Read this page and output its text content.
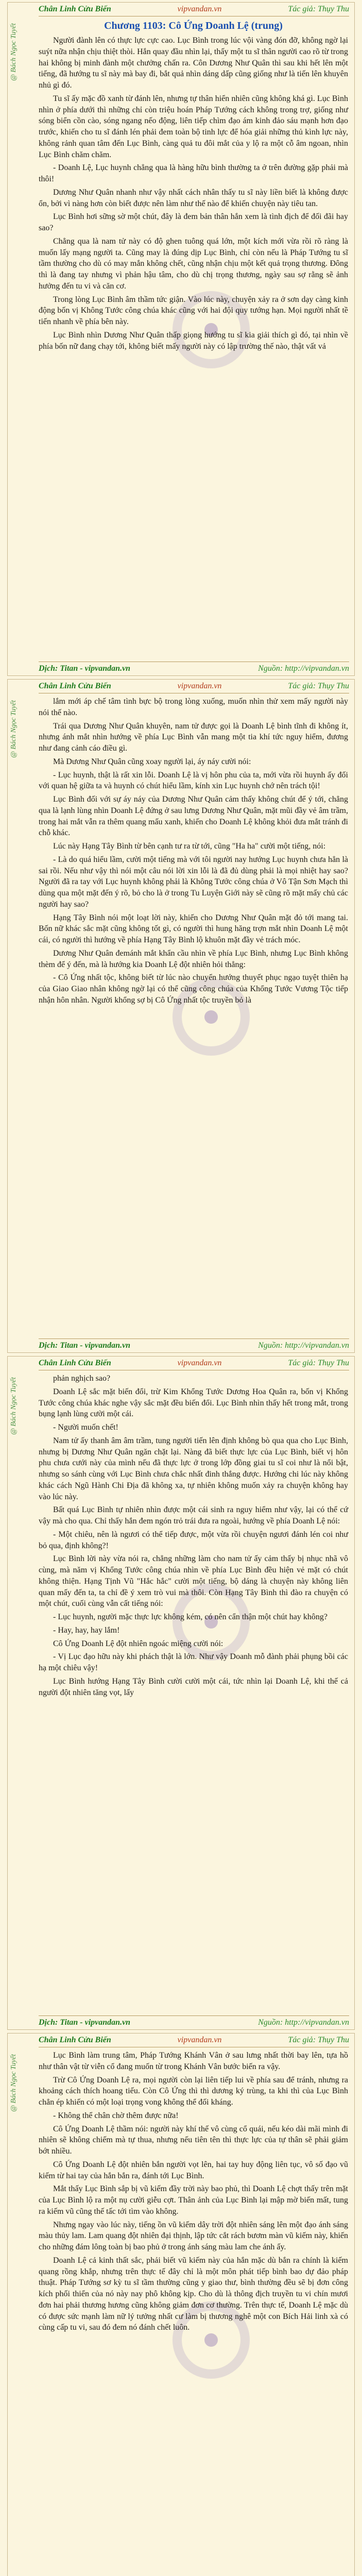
Chân Linh Cửu Biến	vipvandan.vn	Tác giả: Thụy Thu
@ Bách Ngọc Tuyết	Chương 1103: Cô Ứng Doanh Lệ (trung)

Người đành lên có thực lực cực cao. Lục Bình trong lúc vội vàng đón đỡ, không ngờ lại suýt nữa nhận chịu thiệt thòi. Hắn quay đầu nhìn lại, thấy một tu sĩ thân người cao rõ từ trong hai không bị minh đành một chưởng chấn ra. Côn Dương Như Quân thì sau khi hết lên một tiếng, đã hướng tu sĩ này mà bay đi, bắt quả nhìn dáng dấp cũng giống như là tiến lên khuyên nhủ gì đó.

Tu sĩ ấy mặc đồ xanh từ đánh lên, nhưng tự thân hiển nhiên cũng không khá gì. Lục Bình nhìn ở phía dưới thì những chỉ còn triệu hoán Pháp Tướng cách không trong trợ, giống như sóng biển cồn cào, sóng ngang nếo động, liên tiếp chìm đạo ám kinh đảo sáu mạnh hơn đạo trước, khiến cho tu sĩ đánh lén phải đem toàn bộ tinh lực để hóa giải những thủ kình lực này, không rảnh quan tâm đến Lục Bình, càng quả tu đôi mắt của y lộ ra một cỗ âm ngoan, nhìn Lục Bình chăm chăm.

- Doanh Lệ, Lục huynh chẳng qua là hàng hữu bình thường ta ở trên đường gặp phải mà thôi!

Dương Như Quân nhanh như vậy nhất cách nhân thấy tu sĩ này liền biết là không được ổn, bởi vì nàng hơn còn biết được nên làm như thế nào để khiến chuyện này tiêu tan.

Lục Bình hơi sững sờ một chút, đây là đem bản thân hắn xem là tình địch để đối đãi hay sao?

Chẳng qua là nam tử này có độ ghen tuông quá lớn, một kích mới vừa rồi rõ ràng là muốn lấy mạng người ta. Cũng may là đúng dịp Lục Bình, chỉ còn nếu là Pháp Tướng tu sĩ tầm thường cho dù có may mắn không chết, cũng nhận chịu một kết quả trọng thương. Đông thì là đang tay nhưng vì phản hậu tâm, cho dù chị trọng thương, ngày sau sợ rằng sẽ ảnh hưởng đến tu vi và căn cơ.

Trong lòng Lục Bình âm thầm tức giận. Vào lúc này, chuyện xảy ra ở sơn dạy càng kinh động bốn vị Không Tước công chúa khác cũng với hai đội quy tướng hạn. Mọi người nhất tề tiến nhanh về phía bên này.

Lục Bình nhìn Dương Như Quân thấp giọng hướng tu sĩ kia giải thích gì đó, tại nhìn về phía bốn nữ đang chạy tới, không biết mấy người này có lập trường thế nào, thật vất vả

Dịch: Titan - vipvandan.vn	Nguồn: http://vipvandan.vn
Chân Linh Cửu Biến	vipvandan.vn	Tác giả: Thụy Thu
@ Bách Ngọc Tuyết	lắm mới áp chế tâm tình bực bộ trong lòng xuống, muốn nhìn thử xem mấy người này nói thế nào.

Trái qua Dương Như Quân khuyên, nam tử được gọi là Doanh Lệ bình tĩnh đi không ít, nhưng ánh mắt nhìn hướng về phía Lục Bình vẫn mang một tia khí tức nguy hiểm, đương như đang cảnh cáo điều gì.

Mà Dương Như Quân cũng xoay người lại, áy náy cười nói:

- Lục huynh, thật là rất xin lỗi. Doanh Lệ là vị hôn phu của ta, mới vừa rồi huynh ấy đối với quan hệ giữa ta và huynh có chút hiểu lầm, kính xin Lục huynh chớ nên trách tội!

Lục Bình đối với sự áy náy của Dương Như Quân cảm thấy không chút để ý tới, chẳng qua là lạnh lùng nhìn Doanh Lệ đứng ở sau lưng Dương Như Quân, mặt mũi đầy vẻ âm trầm, trong hai mắt vẫn ra thêm quang mấu xanh, khiến cho Doanh Lệ không khỏi đưa mắt tránh đi chỗ khác.

Lúc này Hạng Tây Bình từ bên cạnh tư ra từ tới, cũng "Ha ha" cười một tiếng, nói:

- Là do quá hiểu lầm, cười một tiếng mà với tôi người nay hướng Lục huynh chưa hẳn là sai rồi. Nếu như vậy thì nói một câu nói lời xin lỗi là đã đủ dùng phải là mọi nhiệt hay sao? Người đã ra tay với Lục huynh không phải là Không Tước công chúa ở Vô Tận Sơn Mạch thì dùng qua một mặt đến ý rõ, bỏ cho là ở trong Tu Luyện Giới này sẽ cũng rõ mặt mấy chủ các người hay sao?

Hạng Tây Bình nói một loạt lời này, khiến cho Dương Như Quân mặt đỏ tới mang tai. Bốn nữ khác sắc mặt cũng không tốt gì, có người thì hung hăng trợn mắt nhìn Doanh Lệ một cái, có người thì hướng về phía Hạng Tây Bình lộ khuôn mặt đầy vẻ trách móc.

Dương Như Quân đemánh mắt khẩn cầu nhìn về phía Lục Bình, nhưng Lục Bình không thèm để ý đến, mà là hướng kia Doanh Lệ đột nhiên hỏi thẳng:

- Cô Ứng nhất tộc, không biết từ lúc nào chuyển hướng thuyết phục ngạo tuyệt thiên hạ của Giao Giao nhân không ngờ lại có thể cũng công chúa của Khổng Tước Vương Tộc tiếp nhận hôn nhân. Người khổng sợ bị Cô Ứng nhất tộc truyền bỏ là

Dịch: Titan - vipvandan.vn	Nguồn: http://vipvandan.vn
Chân Linh Cửu Biến	vipvandan.vn	Tác giả: Thụy Thu
@ Bách Ngọc Tuyết	phản nghịch sao?

Doanh Lệ sắc mặt biến đổi, trừ Kim Khổng Tước Dương Hoa Quân ra, bốn vị Khổng Tước công chúa khác nghe vậy sắc mặt đều biến đổi. Lục Bình nhìn thấy hết trong mắt, trong bụng lạnh lùng cười một cái.

- Người muốn chết!

Nam tử ấy thanh âm âm trầm, tung người tiến lên định không bò qua qua cho Lục Bình, nhưng bị Dương Như Quân ngăn chặt lại. Nàng đã biết thực lực của Lục Bình, biết vị hôn phu chưa cưới này của mình nếu đã thực lực ở trong lớp đồng giai tu sĩ coi như là nổi bật, nhưng so sánh cùng với Lục Bình chưa chắc nhất đinh thắng được. Hướng chi lúc này không khác cách Ngũ Hành Chi Địa đã không xa, tự nhiên không muốn xảy ra chuyện không hay vào lúc này.

Bất quá Lục Bình tự nhiên nhìn được một cái sinh ra nguy hiểm như vậy, lại có thể cứ vậy mà cho qua. Chỉ thấy hắn đem ngón trỏ trái đưa ra ngoài, hướng về phía Doanh Lệ nói:

- Một chiêu, nên là ngươi có thể tiếp được, một vừa rồi chuyện ngươi đánh lén coi như bỏ qua, định không?!

Lục Bình lời này vừa nói ra, chẳng những làm cho nam tử ấy cảm thấy bị nhục nhã vô cùng, mà năm vị Khổng Tước công chúa nhìn về phía Lục Bình đều hiện vẻ mặt có chút không thiện. Hạng Tịnh Vũ "Hắc hắc" cười một tiếng, bộ dáng là chuyện này không liên quan mấy đến ta, ta chỉ đề ý xem trò vui mà thôi. Còn Hạng Tây Bình thì đào ra chuyện có một chút, cuối cùng vẫn cất tiếng nói:

- Lục huynh, người mặc thực lực không kém, có nên cẩn thận một chút hay không?

- Hay, hay, hay lắm!

Cô Ứng Doanh Lệ đột nhiên ngoác miệng cười nói:

- Vị Lục đạo hữu này khi phách thật là lớn. Như vậy Doanh mỗ đành phải phụng bồi các hạ một chiêu vậy!

Lục Bình hướng Hạng Tây Bình cười cười một cái, tức nhìn lại Doanh Lệ, khi thế cả người đột nhiên tăng vọt, lấy

Dịch: Titan - vipvandan.vn	Nguồn: http://vipvandan.vn
Chân Linh Cửu Biến	vipvandan.vn	Tác giả: Thụy Thu
@ Bách Ngọc Tuyết	Lục Bình làm trung tâm, Pháp Tướng Khánh Vân ở sau lưng nhất thời bay lên, tựa hồ như thân vật từ viễn cổ đang muốn từ trong Khánh Vân bước biến ra vậy.

Trừ Cô Ứng Doanh Lệ ra, mọi người còn lại liên tiếp lui về phía sau để tránh, nhưng ra khoảng cách thích hoang tiếu. Còn Cô Ứng thì thì dương ký trùng, ta khi thì của Lục Bình chẳn ép khiến có một loại trọng vong không thể đối kháng.

- Không thể chân chờ thêm được nữa!

Cô Ứng Doanh Lệ thầm nói: người này khí thế vô cùng cổ quái, nếu kéo dài mãi mình đi nhiên sẽ không chiếm mà tự thua, nhưng nếu tiên tên thì thực lực của tự thân sẽ phải giảm bớt nhiều.

Cô Ứng Doanh Lệ đột nhiên bắn người vọt lên, hai tay huy động liên tục, vô số đạo vũ kiếm từ hai tay của hắn bắn ra, đánh tới Lục Bình.

Mắt thấy Lục Bình sắp bị vũ kiếm đầy trời này bao phủ, thì Doanh Lệ chợt thấy trên mặt của Lục Bình lộ ra một nụ cười giễu cợt. Thân ảnh của Lục Bình lại mập mờ biến mất, tung ra kiếm vũ cũng thế tấc tới tìm vào không.

Nhưng ngay vào lúc này, tiếng ồn vũ kiếm dây trời đột nhiên sáng lên một đạo ánh sáng màu thủy lam. Lam quang đột nhiên đại thịnh, lập tức cắt rách bươm màn vũ kiếm này, khiến cho những đám lông toàn bị bao phủ ở trong ánh sáng màu lam che ánh ấy.

Doanh Lệ cả kinh thất sắc, phải biết vũ kiếm này của hắn mặc dù bắn ra chính là kiếm quang rồng khắp, nhưng trên thực tế đây chỉ là một môn phát tiếp bình bao dự đảo pháp thuật. Pháp Tướng sơ kỳ tu sĩ tầm thường cũng y giao thư, bình thường đều sẽ bị đơn công kích phối thiển của nó này nay phô không kịp. Cho dù là thông địch truyền tu vi chín mươi đơn hai phải thương hương cũng không giảm đơn cơ thường. Trên thực tế, Doanh Lệ mặc dù có được sức mạnh làm nữ lý tưởng nhất cư làm bị thương nghê một con Bích Hải linh xà có cùng cấp tu vi, sau đó đem nó đánh chết luôn.
